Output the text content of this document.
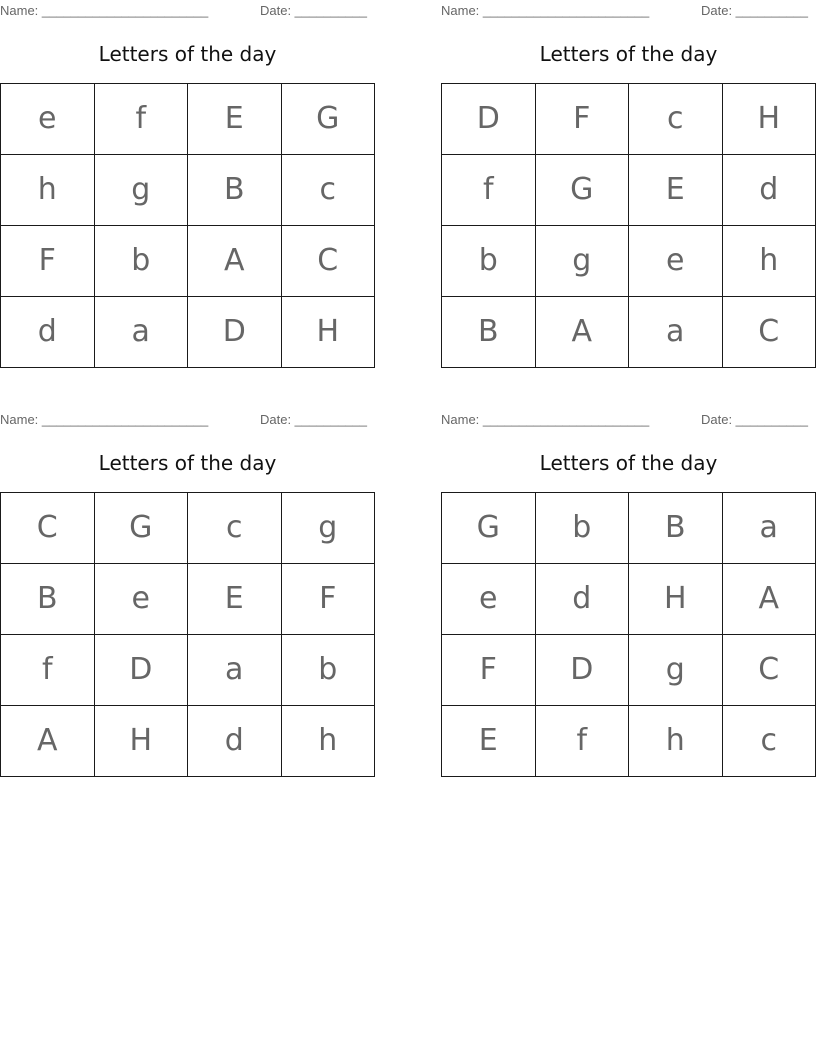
Name: _______________________	Date: __________
Letters of the day
e	f	E	G
h	g	B	c
F	b	A	C
d	a	D	H
Name: _______________________	Date: __________
Letters of the day
D	F	c	H
f	G	E	d
b	g	e	h
B	A	a	C
Name: _______________________	Date: __________
Letters of the day
C	G	c	g
B	e	E	F
f	D	a	b
A	H	d	h
Name: _______________________	Date: __________
Letters of the day
G	b	B	a
e	d	H	A
F	D	g	C
E	f	h	c
